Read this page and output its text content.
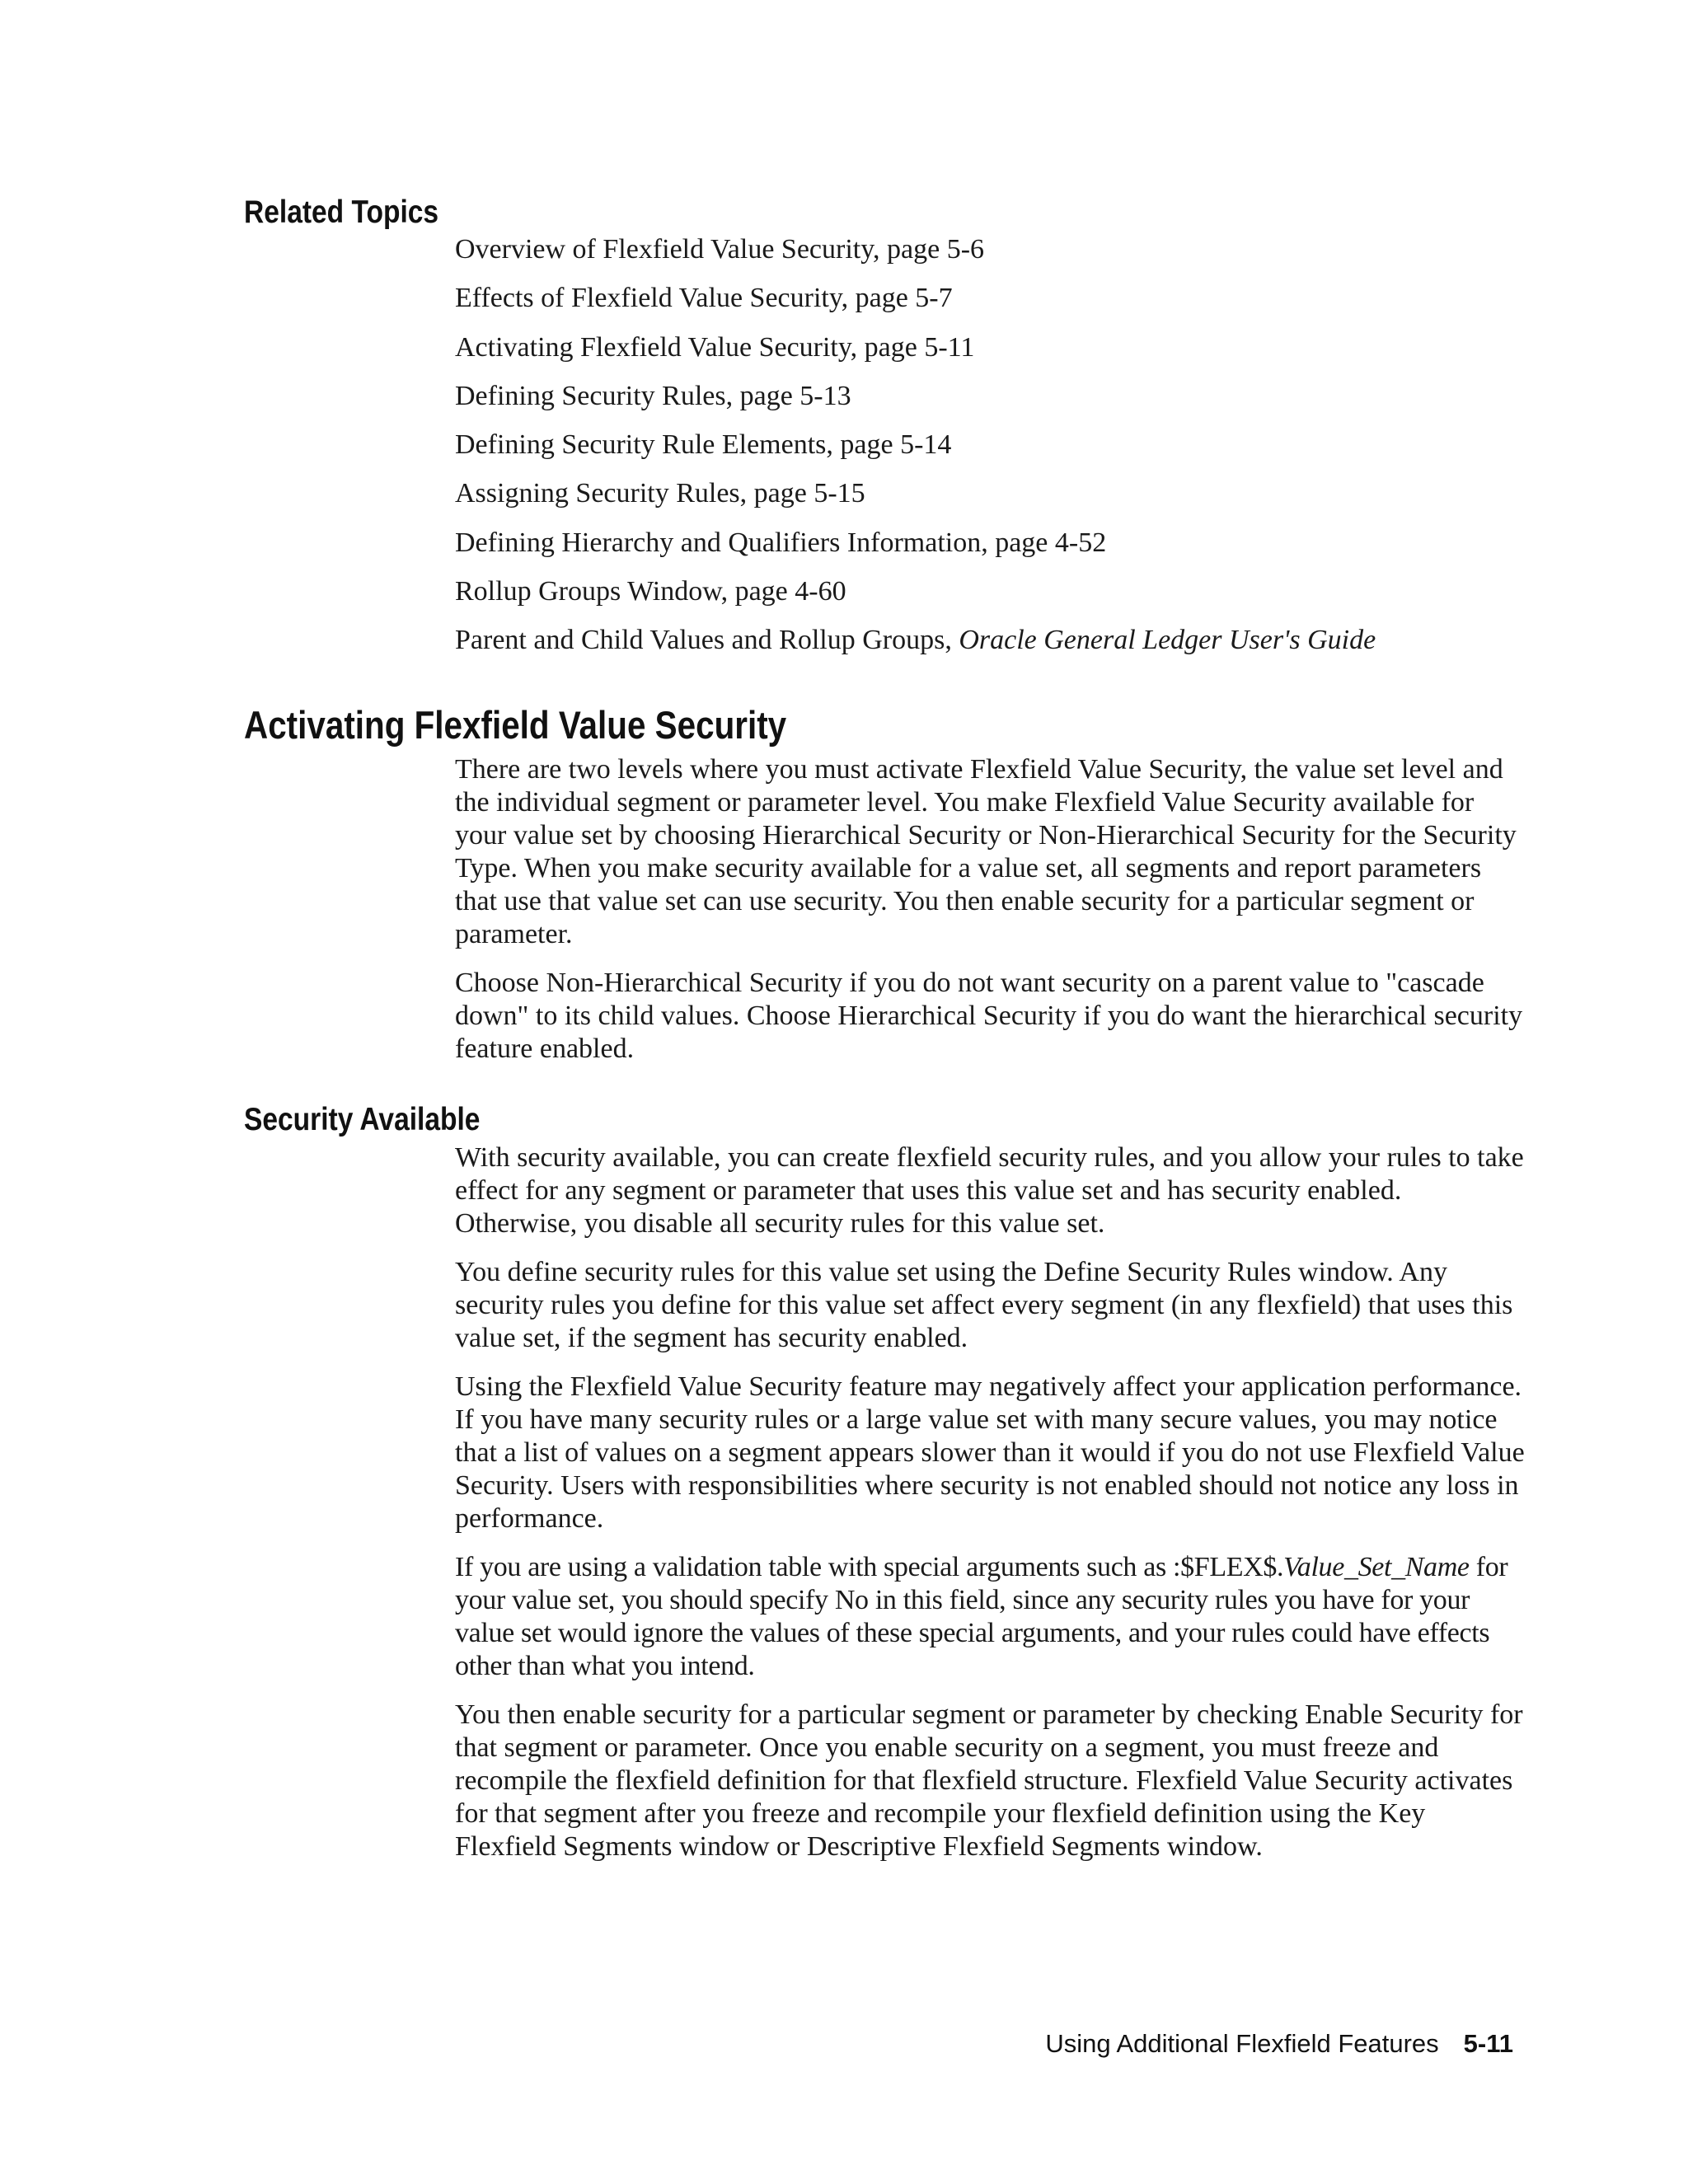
Related Topics
Overview of Flexfield Value Security, page 5-6
Effects of Flexfield Value Security, page 5-7
Activating Flexfield Value Security, page 5-11
Defining Security Rules, page 5-13
Defining Security Rule Elements, page 5-14
Assigning Security Rules, page 5-15
Defining Hierarchy and Qualifiers Information, page 4-52
Rollup Groups Window, page 4-60
Parent and Child Values and Rollup Groups, Oracle General Ledger User's Guide
Activating Flexfield Value Security

There are two levels where you must activate Flexfield Value Security, the value set level and the individual segment or parameter level. You make Flexfield Value Security available for your value set by choosing Hierarchical Security or Non-Hierarchical Security for the Security Type. When you make security available for a value set, all segments and report parameters that use that value set can use security. You then enable security for a particular segment or parameter.

Choose Non-Hierarchical Security if you do not want security on a parent value to "cascade down" to its child values. Choose Hierarchical Security if you do want the hierarchical security feature enabled.

Security Available

With security available, you can create flexfield security rules, and you allow your rules to take effect for any segment or parameter that uses this value set and has security enabled. Otherwise, you disable all security rules for this value set.

You define security rules for this value set using the Define Security Rules window. Any security rules you define for this value set affect every segment (in any flexfield) that uses this value set, if the segment has security enabled.

Using the Flexfield Value Security feature may negatively affect your application performance. If you have many security rules or a large value set with many secure values, you may notice that a list of values on a segment appears slower than it would if you do not use Flexfield Value Security. Users with responsibilities where security is not enabled should not notice any loss in performance.

If you are using a validation table with special arguments such as :$FLEX$.Value_Set_Name for your value set, you should specify No in this field, since any security rules you have for your value set would ignore the values of these special arguments, and your rules could have effects other than what you intend.

You then enable security for a particular segment or parameter by checking Enable Security for that segment or parameter. Once you enable security on a segment, you must freeze and recompile the flexfield definition for that flexfield structure. Flexfield Value Security activates for that segment after you freeze and recompile your flexfield definition using the Key Flexfield Segments window or Descriptive Flexfield Segments window.

Using Additional Flexfield Features 5-11
